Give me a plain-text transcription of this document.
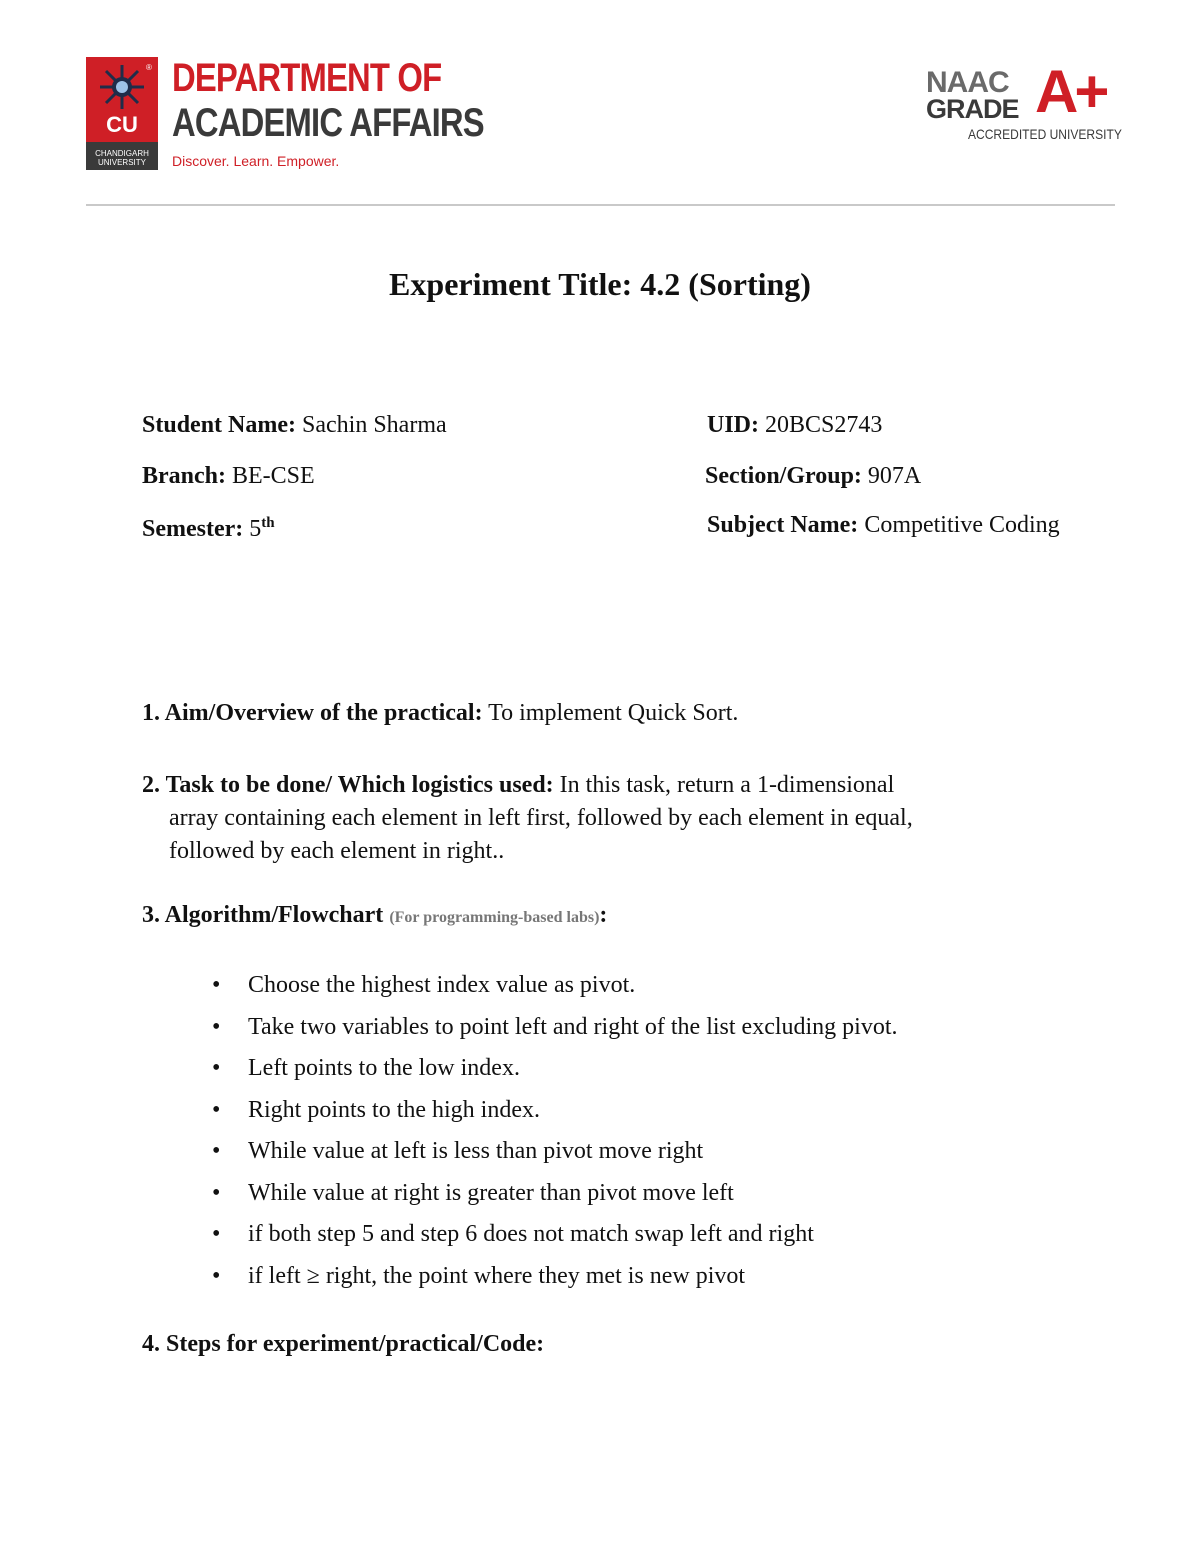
CU
CHANDIGARH
UNIVERSITY
® DEPARTMENT OF
ACADEMIC AFFAIRS
Discover. Learn. Empower.
NAAC
GRADE A+
ACCREDITED UNIVERSITY
Experiment Title: 4.2 (Sorting)
Student Name: Sachin Sharma	UID: 20BCS2743
Branch: BE-CSE	Section/Group: 907A
Semester: 5th	Subject Name: Competitive Coding
1. Aim/Overview of the practical: To implement Quick Sort.
2. Task to be done/ Which logistics used: In this task, return a 1-dimensional
array containing each element in left first, followed by each element in equal,
followed by each element in right..
3. Algorithm/Flowchart (For programming-based labs):
• Choose the highest index value as pivot.
• Take two variables to point left and right of the list excluding pivot.
• Left points to the low index.
• Right points to the high index.
• While value at left is less than pivot move right
• While value at right is greater than pivot move left
• if both step 5 and step 6 does not match swap left and right
• if left ≥ right, the point where they met is new pivot
4. Steps for experiment/practical/Code:
